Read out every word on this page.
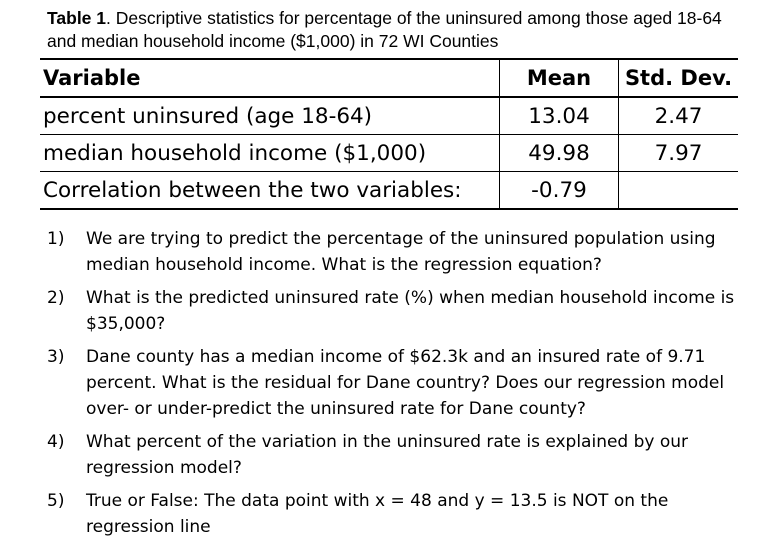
Table 1. Descriptive statistics for percentage of the uninsured among those aged 18-64 and median household income ($1,000) in 72 WI Counties
Variable	Mean	Std. Dev.
percent uninsured (age 18-64)	13.04	2.47
median household income ($1,000)	49.98	7.97
Correlation between the two variables:	-0.79	
1)	We are trying to predict the percentage of the uninsured population using median household income. What is the regression equation?
2)	What is the predicted uninsured rate (%) when median household income is $35,000?
3)	Dane county has a median income of $62.3k and an insured rate of 9.71 percent. What is the residual for Dane country? Does our regression model over- or under-predict the uninsured rate for Dane county?
4)	What percent of the variation in the uninsured rate is explained by our regression model?
5)	True or False: The data point with x = 48 and y = 13.5 is NOT on the regression line
